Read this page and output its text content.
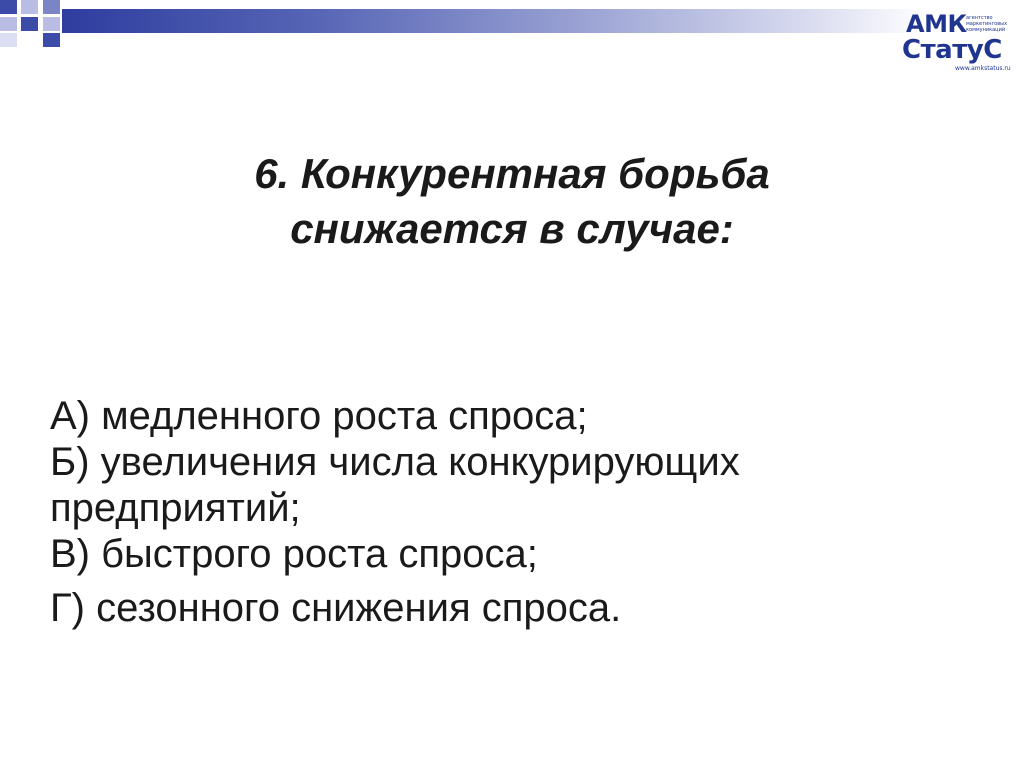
АМК агентство
маркетинговых
коммуникаций
СтатуС
www.amkstatus.ru
6. Конкурентная борьба
снижается в случае:
А) медленного роста спроса;
Б) увеличения числа конкурирующих
предприятий;
В) быстрого роста спроса;
Г) сезонного снижения спроса.
